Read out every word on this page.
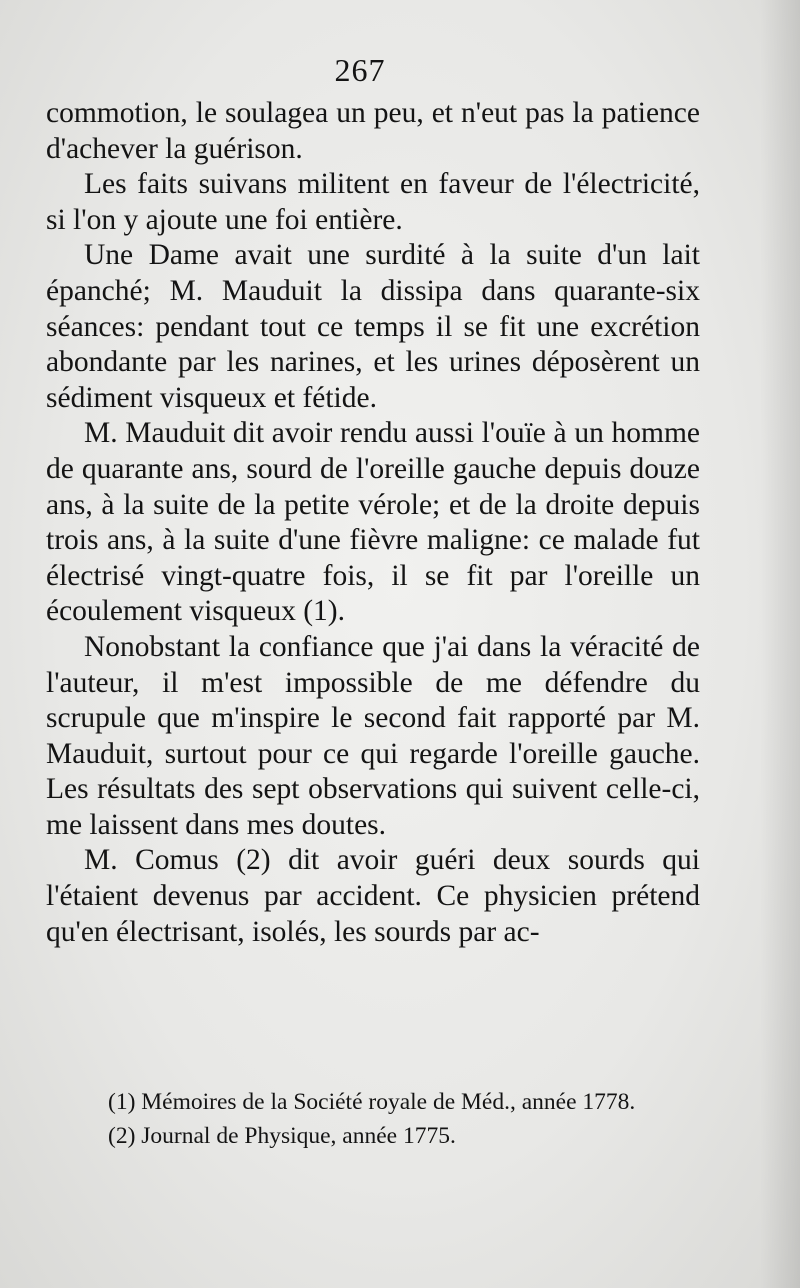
267

commotion, le soulagea un peu, et n'eut pas la patience d'achever la guérison.

Les faits suivans militent en faveur de l'électricité, si l'on y ajoute une foi entière.

Une Dame avait une surdité à la suite d'un lait épanché; M. Mauduit la dissipa dans quarante-six séances: pendant tout ce temps il se fit une excrétion abondante par les narines, et les urines déposèrent un sédiment visqueux et fétide.

M. Mauduit dit avoir rendu aussi l'ouïe à un homme de quarante ans, sourd de l'oreille gauche depuis douze ans, à la suite de la petite vérole; et de la droite depuis trois ans, à la suite d'une fièvre maligne: ce malade fut électrisé vingt-quatre fois, il se fit par l'oreille un écoulement visqueux (1).

Nonobstant la confiance que j'ai dans la véracité de l'auteur, il m'est impossible de me défendre du scrupule que m'inspire le second fait rapporté par M. Mauduit, surtout pour ce qui regarde l'oreille gauche. Les résultats des sept observations qui suivent celle-ci, me laissent dans mes doutes.

M. Comus (2) dit avoir guéri deux sourds qui l'étaient devenus par accident. Ce physicien prétend qu'en électrisant, isolés, les sourds par ac-

(1) Mémoires de la Société royale de Méd., année 1778.

(2) Journal de Physique, année 1775.
